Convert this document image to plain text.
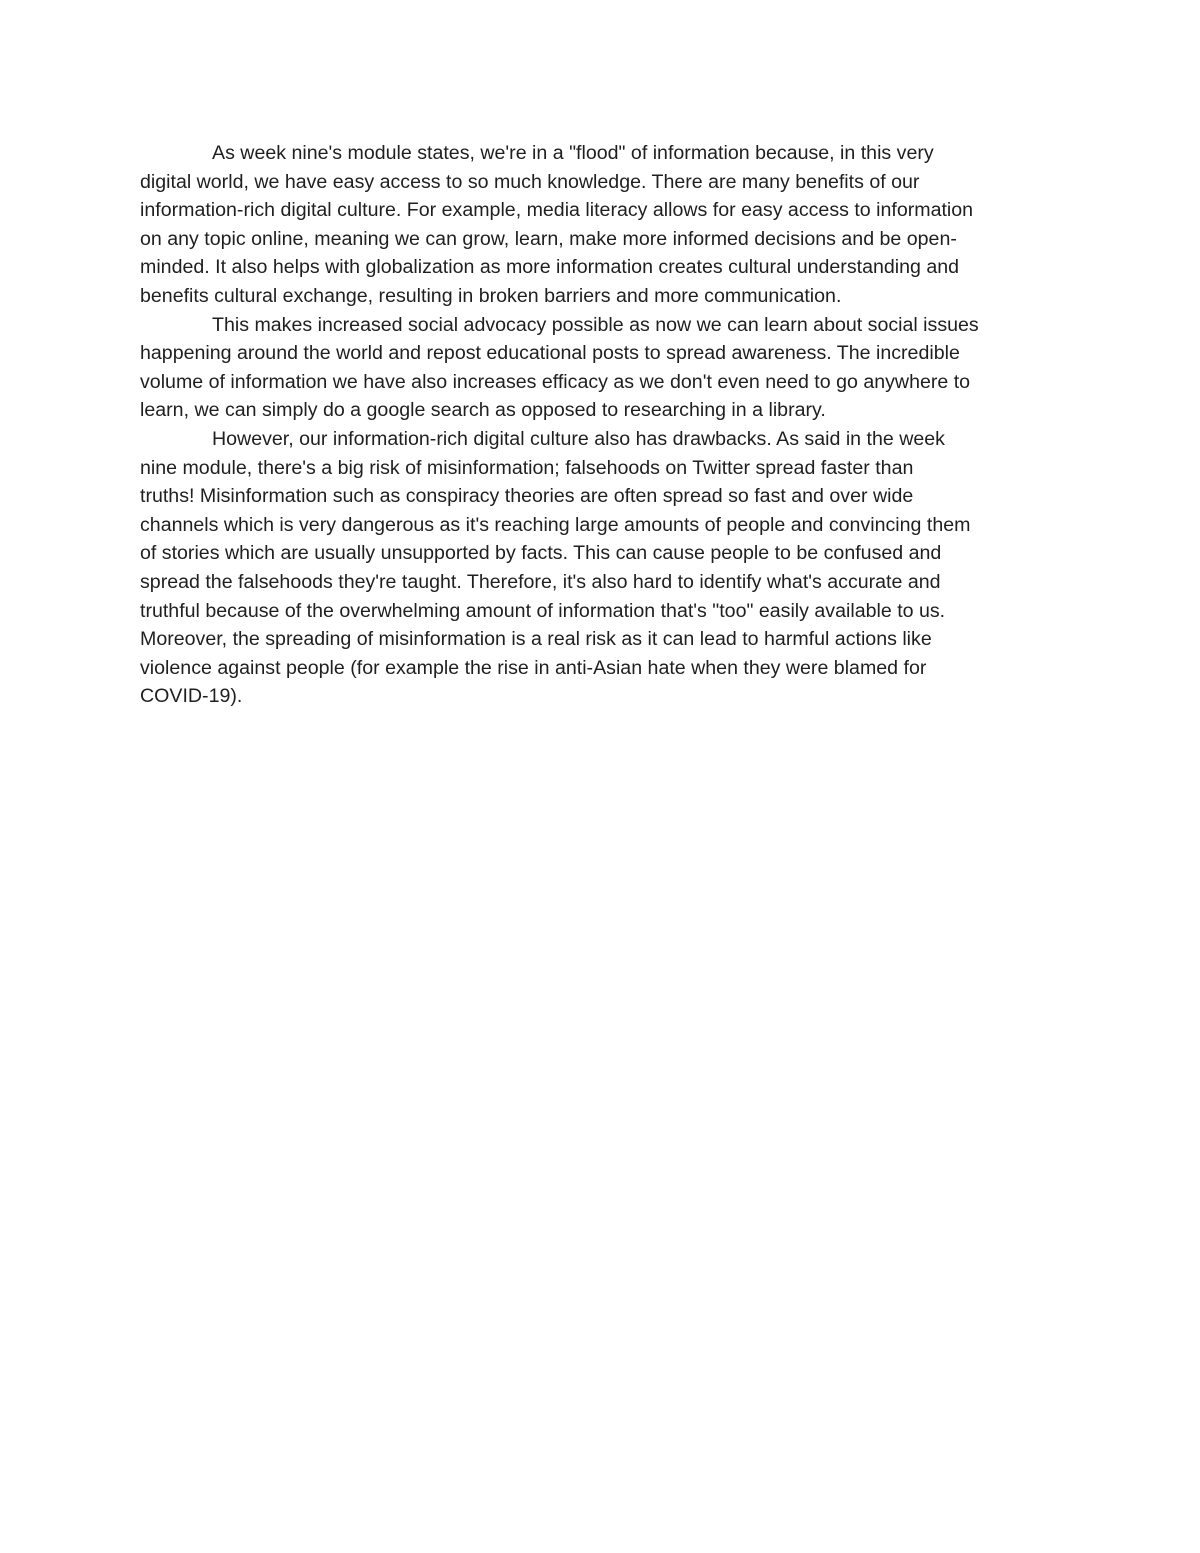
As week nine's module states, we're in a "flood" of information because, in this very
digital world, we have easy access to so much knowledge. There are many benefits of our
information-rich digital culture. For example, media literacy allows for easy access to information
on any topic online, meaning we can grow, learn, make more informed decisions and be open-
minded. It also helps with globalization as more information creates cultural understanding and
benefits cultural exchange, resulting in broken barriers and more communication.

This makes increased social advocacy possible as now we can learn about social issues
happening around the world and repost educational posts to spread awareness. The incredible
volume of information we have also increases efficacy as we don't even need to go anywhere to
learn, we can simply do a google search as opposed to researching in a library.

However, our information-rich digital culture also has drawbacks. As said in the week
nine module, there's a big risk of misinformation; falsehoods on Twitter spread faster than
truths! Misinformation such as conspiracy theories are often spread so fast and over wide
channels which is very dangerous as it's reaching large amounts of people and convincing them
of stories which are usually unsupported by facts. This can cause people to be confused and
spread the falsehoods they're taught. Therefore, it's also hard to identify what's accurate and
truthful because of the overwhelming amount of information that's "too" easily available to us.
Moreover, the spreading of misinformation is a real risk as it can lead to harmful actions like
violence against people (for example the rise in anti-Asian hate when they were blamed for
COVID-19).
